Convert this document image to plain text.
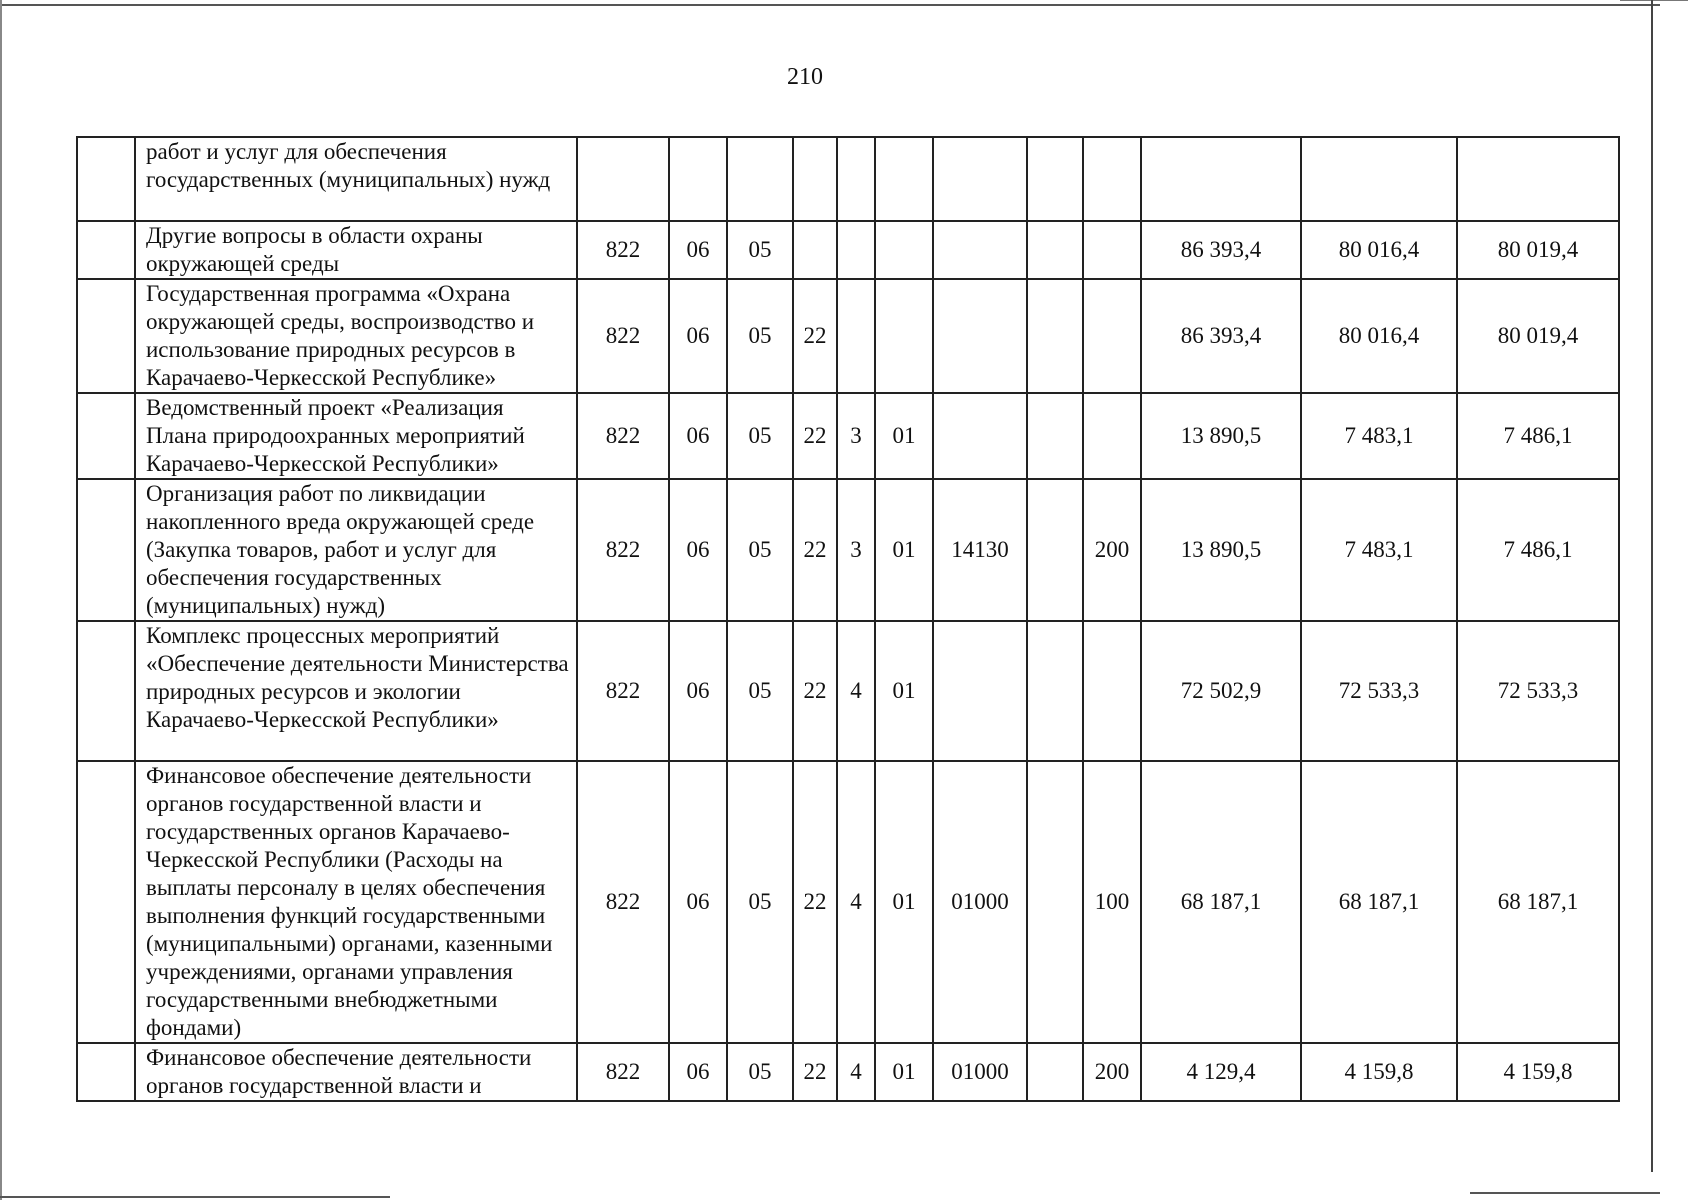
210
	работ и услуг для обеспечения государственных (муниципальных) нужд												
	Другие вопросы в области охраны окружающей среды	822	06	05							86 393,4	80 016,4	80 019,4
	Государственная программа «Охрана окружающей среды, воспроизводство и использование природных ресурсов в Карачаево-Черкесской Республике»	822	06	05	22						86 393,4	80 016,4	80 019,4
	Ведомственный проект «Реализация Плана природоохранных мероприятий Карачаево-Черкесской Республики»	822	06	05	22	3	01				13 890,5	7 483,1	7 486,1
	Организация работ по ликвидации накопленного вреда окружающей среде (Закупка товаров, работ и услуг для обеспечения государственных (муниципальных) нужд)	822	06	05	22	3	01	14130		200	13 890,5	7 483,1	7 486,1
	Комплекс процессных мероприятий «Обеспечение деятельности Министерства природных ресурсов и экологии Карачаево-Черкесской Республики»	822	06	05	22	4	01				72 502,9	72 533,3	72 533,3
	Финансовое обеспечение деятельности органов государственной власти и государственных органов Карачаево-Черкесской Республики (Расходы на выплаты персоналу в целях обеспечения выполнения функций государственными (муниципальными) органами, казенными учреждениями, органами управления государственными внебюджетными фондами)	822	06	05	22	4	01	01000		100	68 187,1	68 187,1	68 187,1
	Финансовое обеспечение деятельности органов государственной власти и	822	06	05	22	4	01	01000		200	4 129,4	4 159,8	4 159,8
